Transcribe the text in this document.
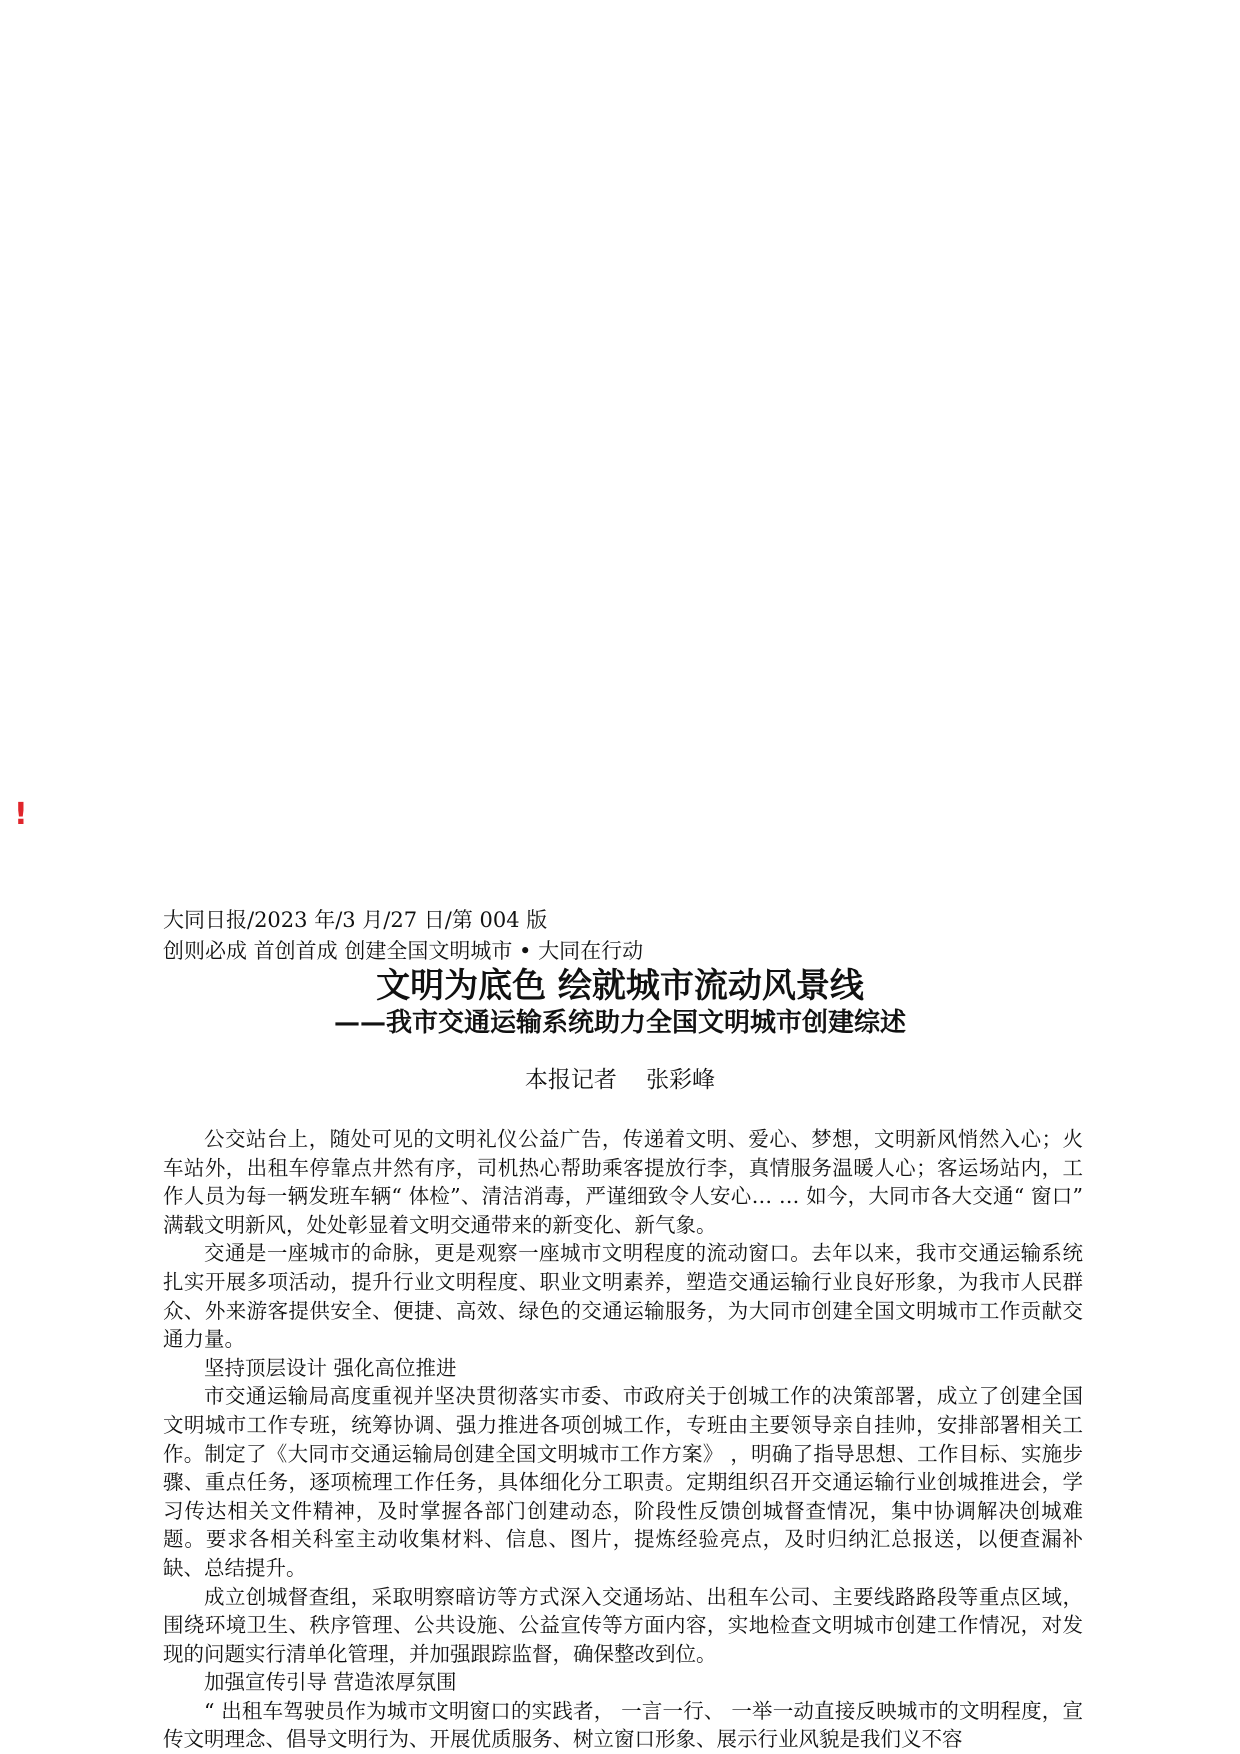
!
大同日报/2023 年/3 月/27 日/第 004 版
创则必成 首创首成 创建全国文明城市 • 大同在行动
文明为底色 绘就城市流动风景线
——我市交通运输系统助力全国文明城市创建综述
本报记者    张彩峰

公交站台上，随处可见的文明礼仪公益广告，传递着文明、爱心、梦想，文明新风悄然入心；火车站外，出租车停靠点井然有序，司机热心帮助乘客提放行李，真情服务温暖人心；客运场站内，工作人员为每一辆发班车辆“ 体检”、清洁消毒，严谨细致令人安心… … 如今，大同市各大交通“ 窗口” 满载文明新风，处处彰显着文明交通带来的新变化、新气象。

交通是一座城市的命脉，更是观察一座城市文明程度的流动窗口。去年以来，我市交通运输系统扎实开展多项活动，提升行业文明程度、职业文明素养，塑造交通运输行业良好形象，为我市人民群众、外来游客提供安全、便捷、高效、绿色的交通运输服务，为大同市创建全国文明城市工作贡献交通力量。

坚持顶层设计 强化高位推进

市交通运输局高度重视并坚决贯彻落实市委、市政府关于创城工作的决策部署，成立了创建全国文明城市工作专班，统筹协调、强力推进各项创城工作，专班由主要领导亲自挂帅，安排部署相关工作。制定了《大同市交通运输局创建全国文明城市工作方案》 ，明确了指导思想、工作目标、实施步骤、重点任务，逐项梳理工作任务，具体细化分工职责。定期组织召开交通运输行业创城推进会，学习传达相关文件精神，及时掌握各部门创建动态，阶段性反馈创城督查情况，集中协调解决创城难题。要求各相关科室主动收集材料、信息、图片，提炼经验亮点，及时归纳汇总报送，以便查漏补缺、总结提升。

成立创城督查组，采取明察暗访等方式深入交通场站、出租车公司、主要线路路段等重点区域，围绕环境卫生、秩序管理、公共设施、公益宣传等方面内容，实地检查文明城市创建工作情况，对发现的问题实行清单化管理，并加强跟踪监督，确保整改到位。

加强宣传引导 营造浓厚氛围

“ 出租车驾驶员作为城市文明窗口的实践者， 一言一行、 一举一动直接反映城市的文明程度，宣传文明理念、倡导文明行为、开展优质服务、树立窗口形象、展示行业风貌是我们义不容
